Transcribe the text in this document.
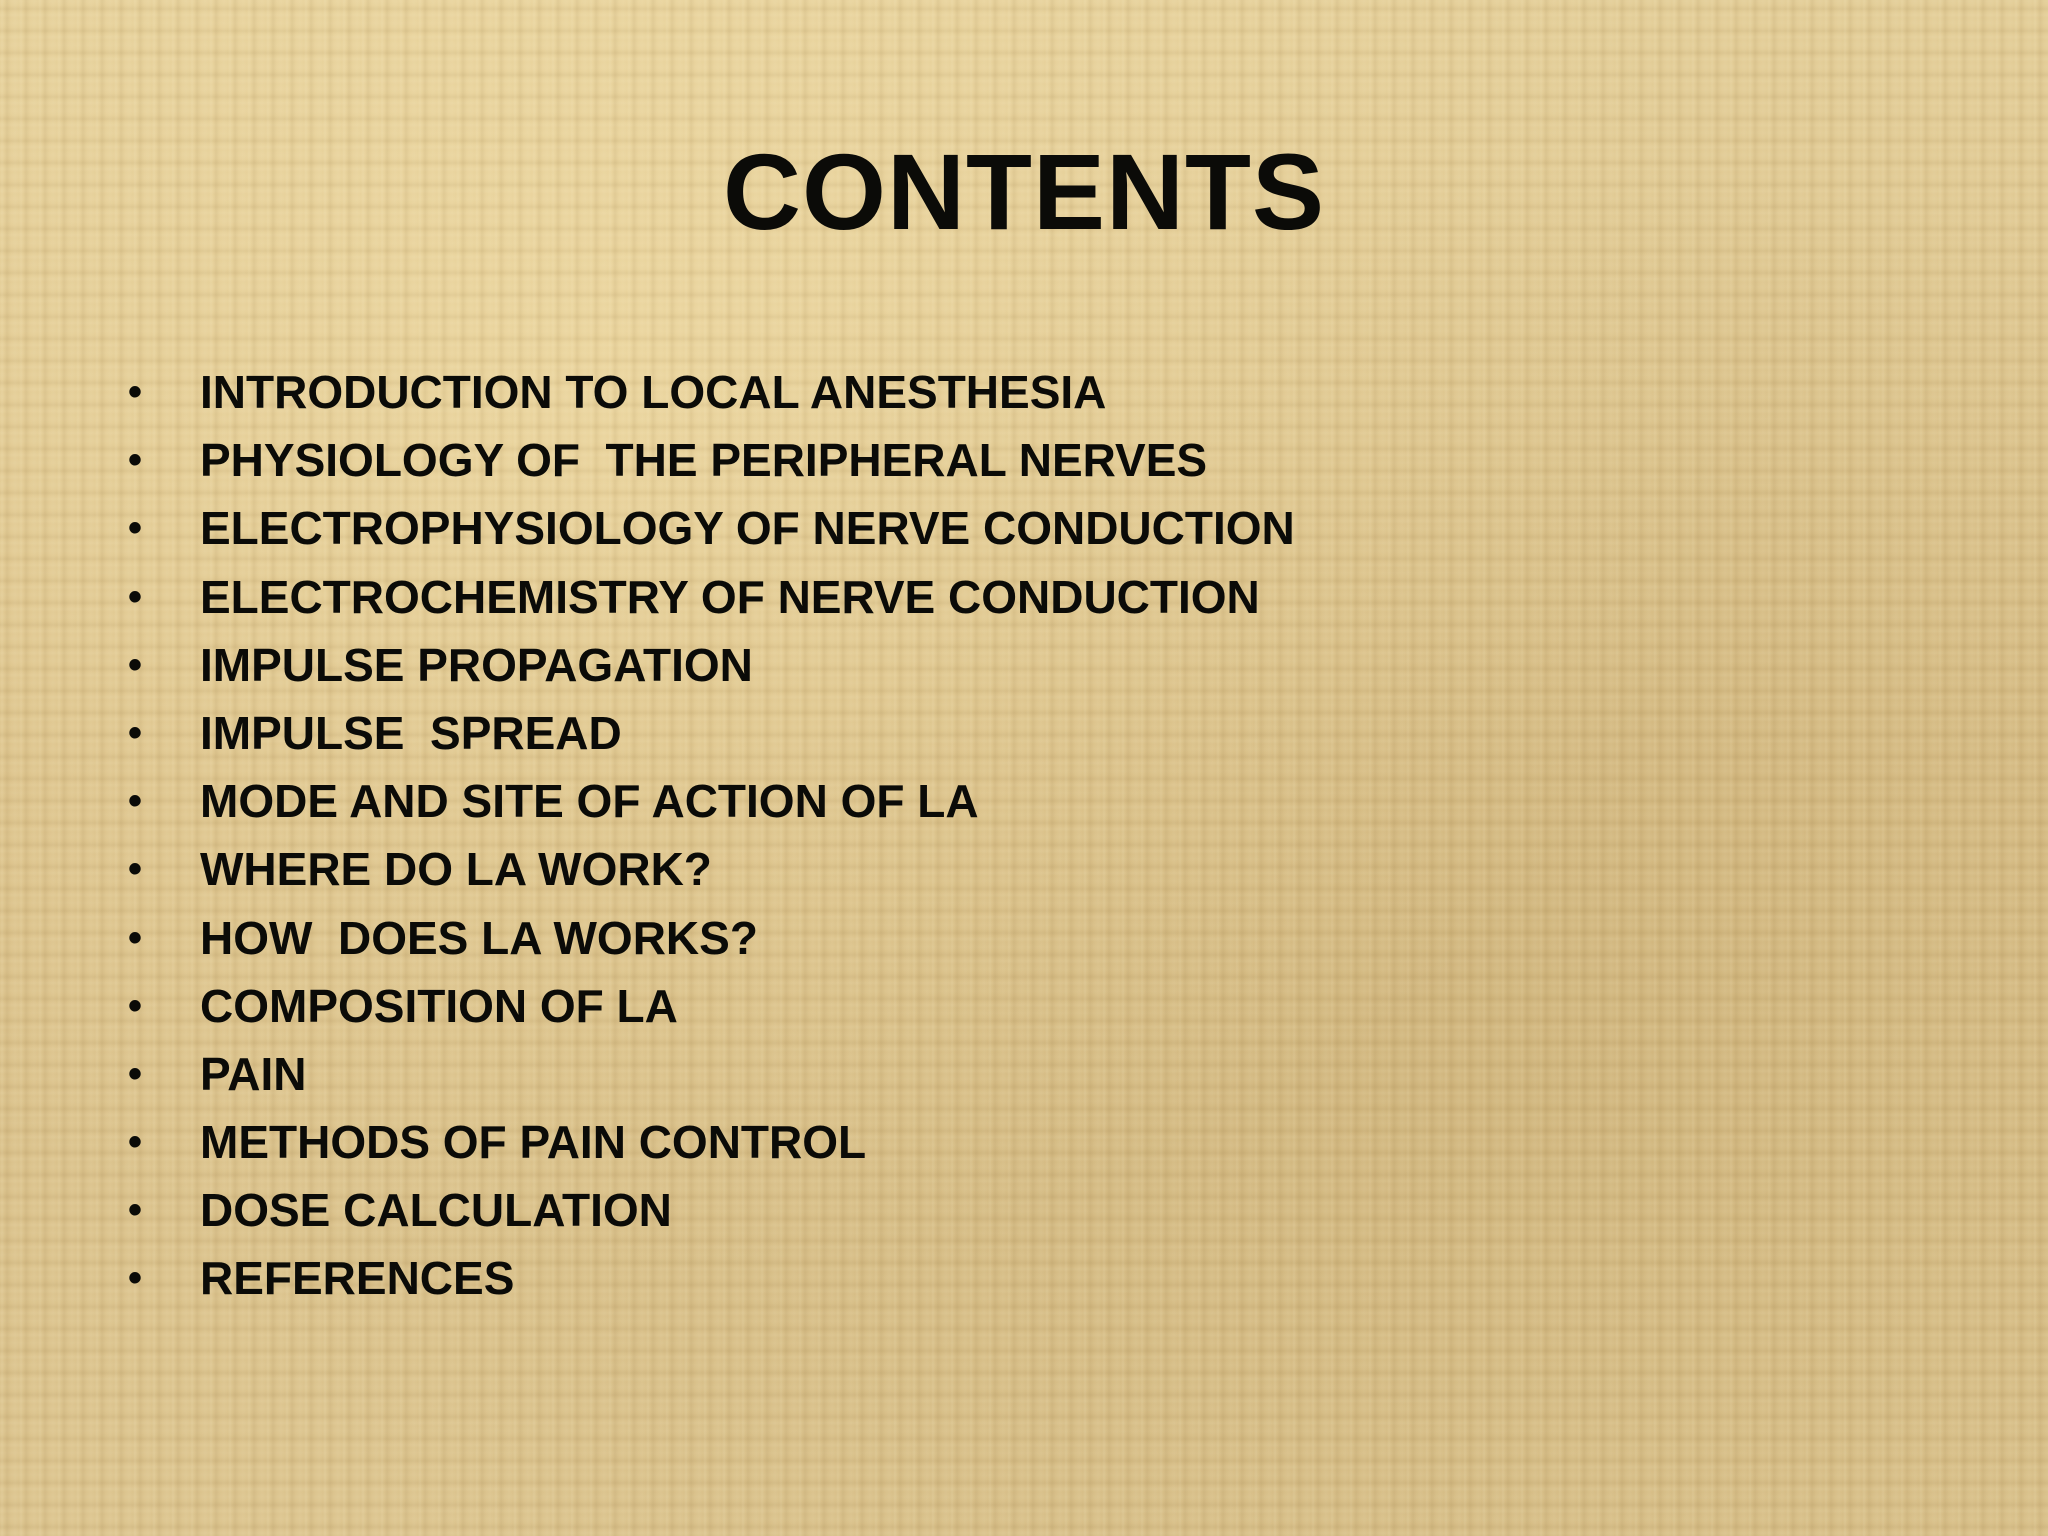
CONTENTS

•

INTRODUCTION TO LOCAL ANESTHESIA

•

PHYSIOLOGY OF  THE PERIPHERAL NERVES

•

ELECTROPHYSIOLOGY OF NERVE CONDUCTION

•

ELECTROCHEMISTRY OF NERVE CONDUCTION

•

IMPULSE PROPAGATION

•

IMPULSE  SPREAD

•

MODE AND SITE OF ACTION OF LA

•

WHERE DO LA WORK?

•

HOW  DOES LA WORKS?

•

COMPOSITION OF LA

•

PAIN

•

METHODS OF PAIN CONTROL

•

DOSE CALCULATION

•

REFERENCES
